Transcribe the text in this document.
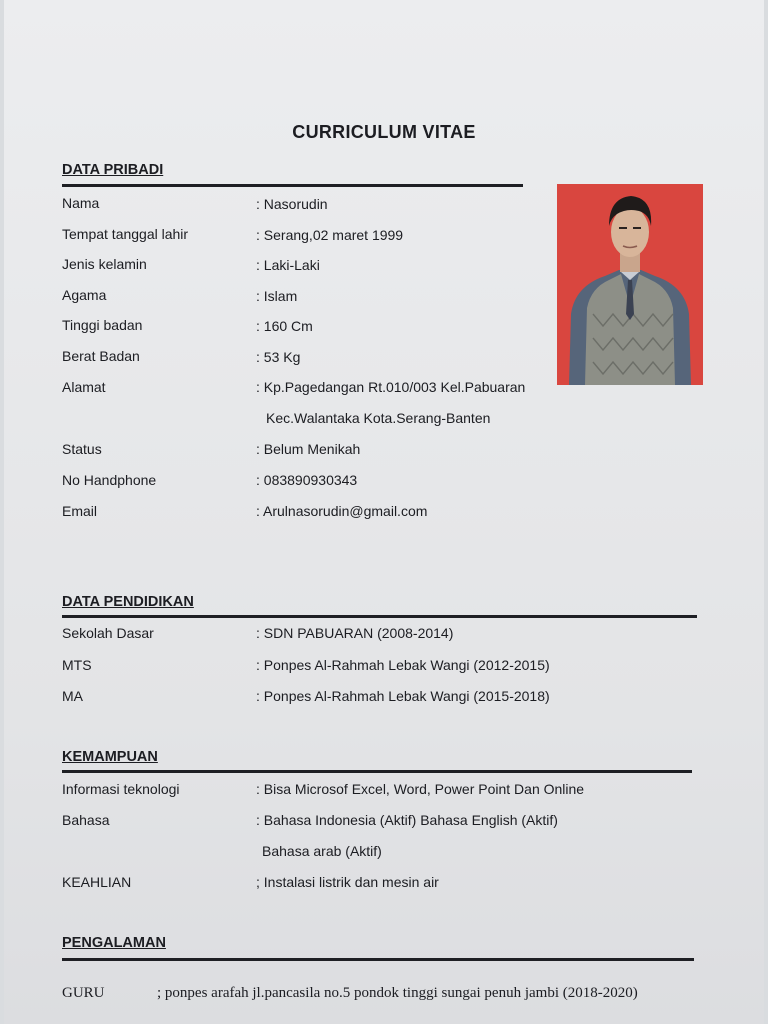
CURRICULUM VITAE
DATA PRIBADI
Nama	: Nasorudin
Tempat tanggal lahir	: Serang,02 maret 1999
Jenis kelamin	: Laki-Laki
Agama	: Islam
Tinggi badan	: 160 Cm
Berat Badan	: 53 Kg
Alamat	: Kp.Pagedangan Rt.010/003 Kel.Pabuaran
Kec.Walantaka Kota.Serang-Banten
Status	: Belum Menikah
No Handphone	: 083890930343
Email	: Arulnasorudin@gmail.com
DATA PENDIDIKAN
Sekolah Dasar	: SDN PABUARAN (2008-2014)
MTS	: Ponpes Al-Rahmah Lebak Wangi (2012-2015)
MA	: Ponpes Al-Rahmah Lebak Wangi (2015-2018)
KEMAMPUAN
Informasi teknologi	: Bisa Microsof Excel, Word, Power Point Dan Online
Bahasa	: Bahasa Indonesia (Aktif) Bahasa English (Aktif)
Bahasa arab (Aktif)
KEAHLIAN	; Instalasi listrik dan mesin air
PENGALAMAN
GURU	; ponpes arafah jl.pancasila no.5 pondok tinggi sungai penuh jambi (2018-2020)
